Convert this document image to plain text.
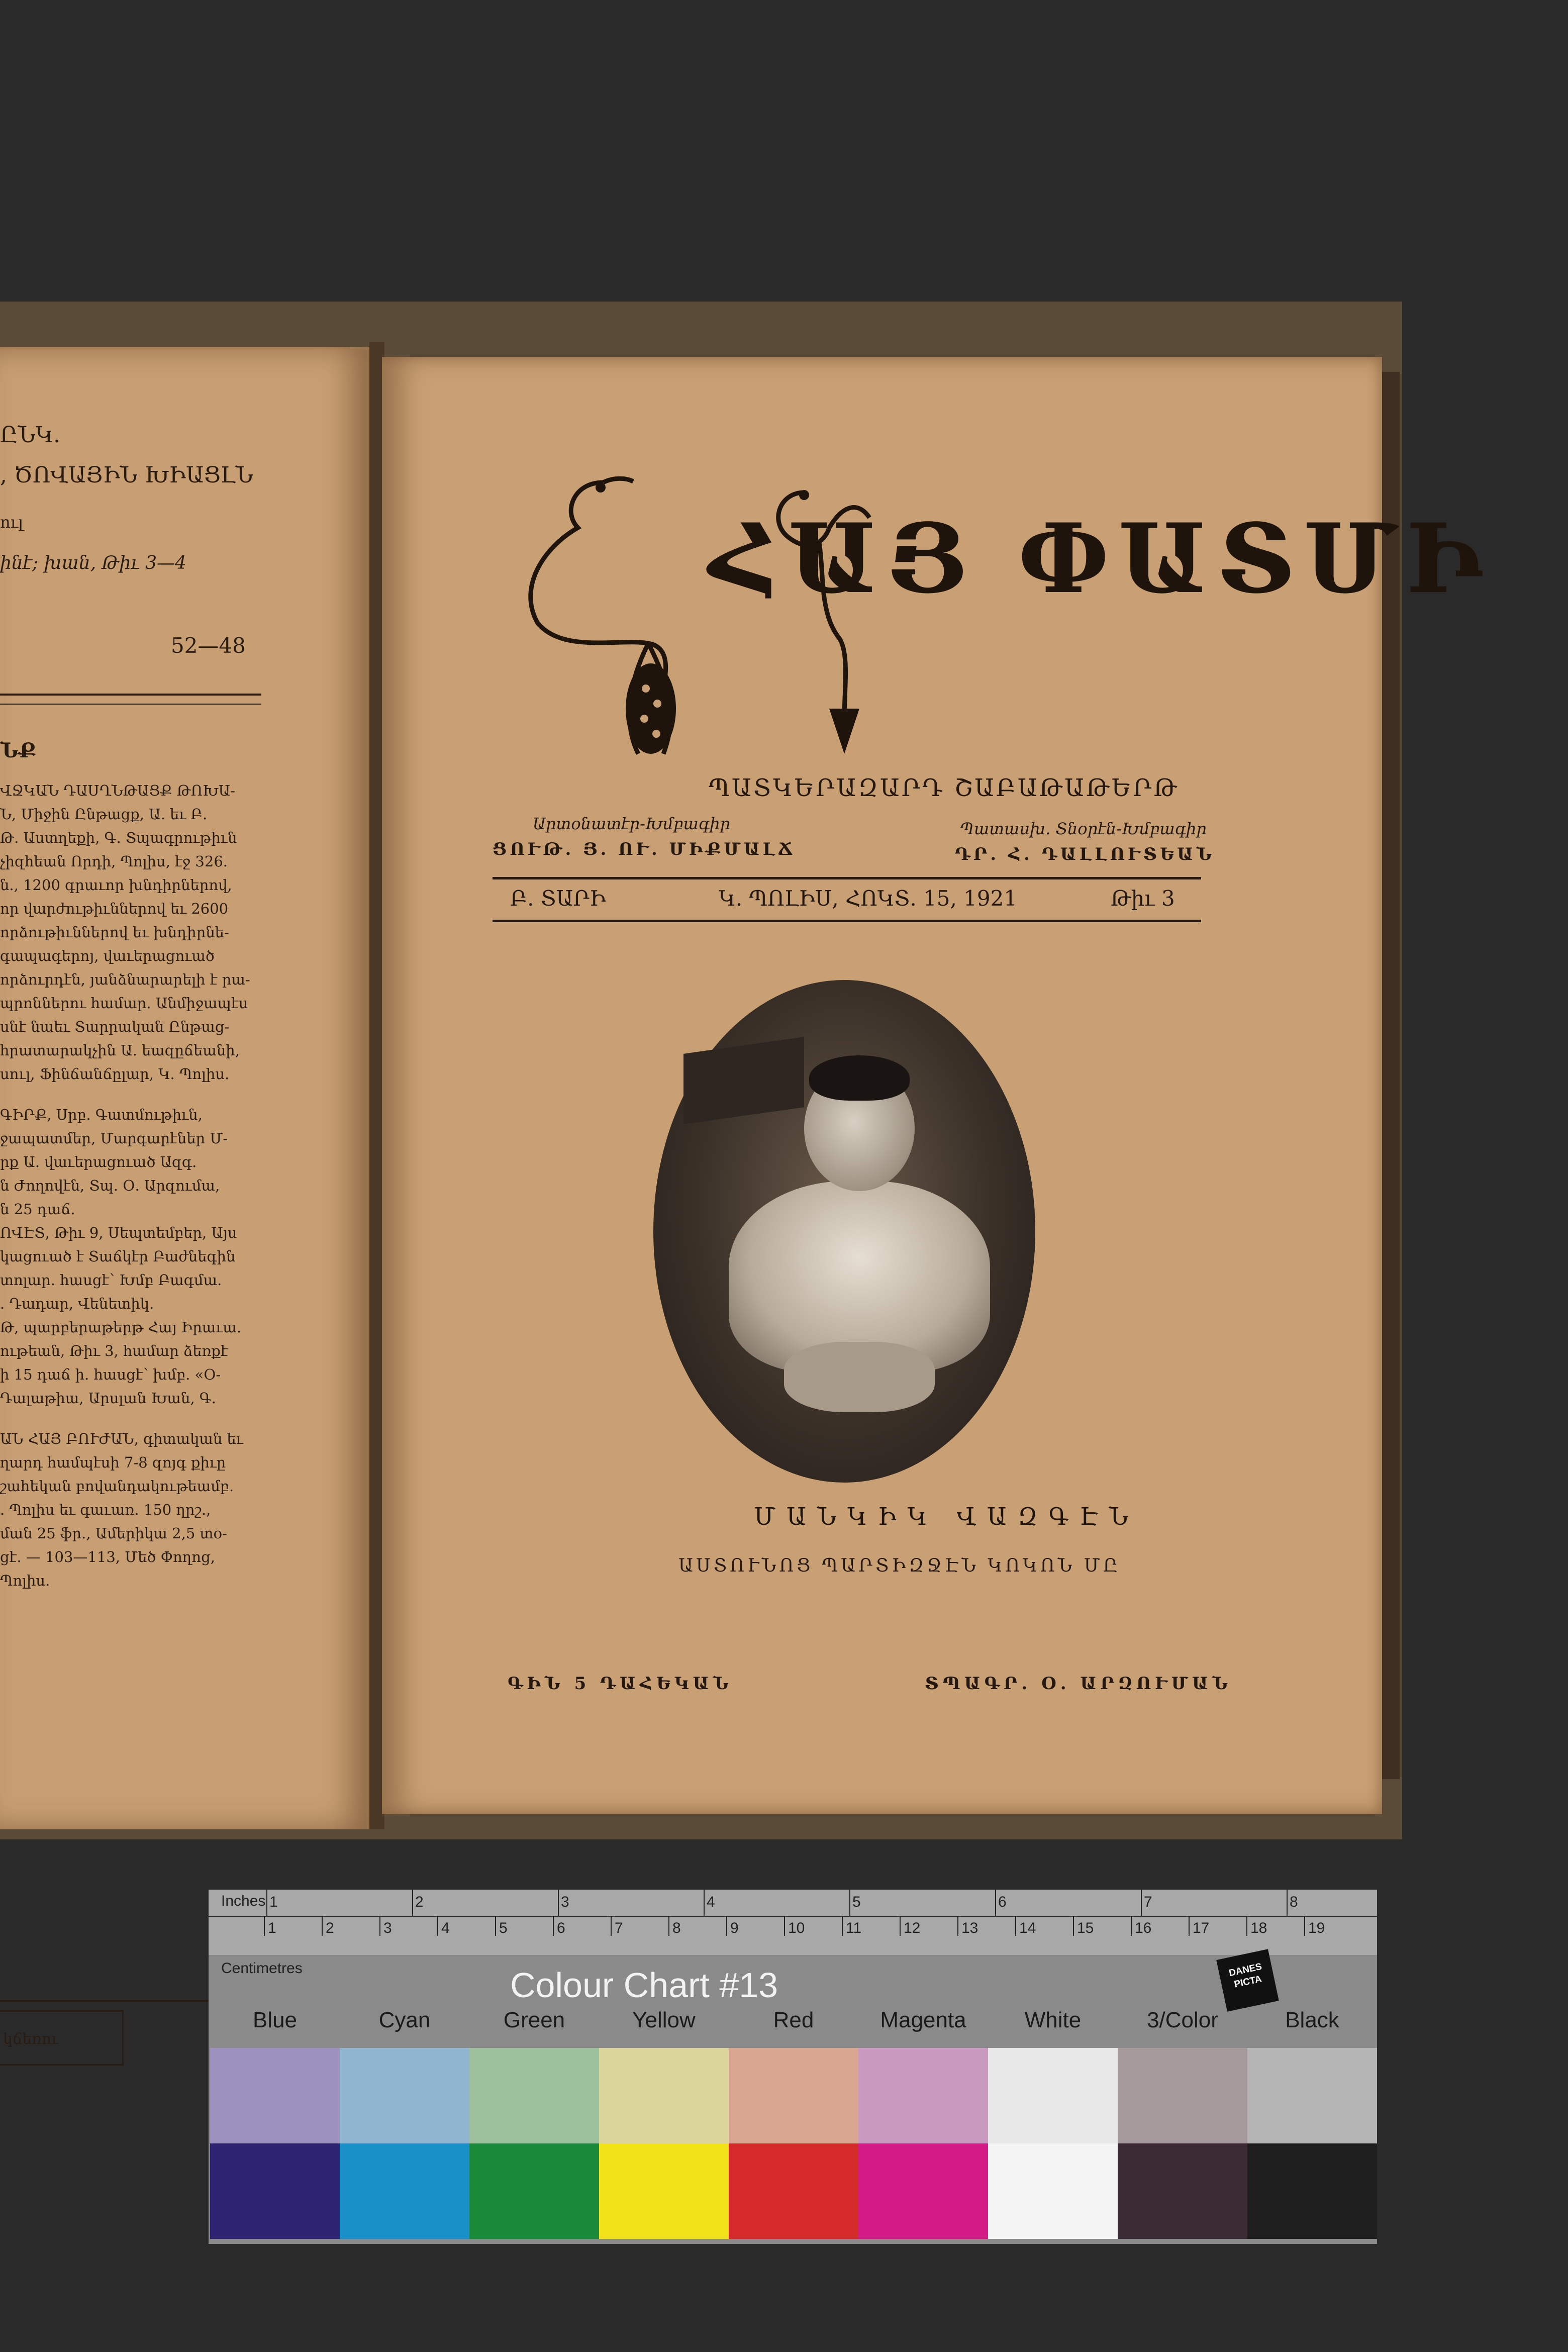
ԸՆԿ.
, ԾՈՎԱՅԻՆ ԽԻԱՑԼՆ
ուլ
ինէ; խան, Թիւ 3—4
52—48
ՆՔ

ՎՋԿԱՆ ԴԱՍՂՆԹԱՑՔ ԹՈԽԱ-
Ն, Միջին Ընթացք, Ա. եւ Բ.
Թ. Աստղեքի, Գ. Տպագրութիւն
չիզհեան Որդի, Պոլիս, էջ 326.
ն., 1200 գրաւոր խնդիրներով,
որ վարժութիւններով եւ 2600
որձութիւններով եւ խնդիրնե-
գապագերոյ, վաւերացուած
որձուրդէն, յանձնարարելի է րա-
պրոններու համար. Անմիջապէս
սնէ նաեւ Տարրական Ընթաց-
հրատարակչին Ա. եազըճեանի,
սուլ, Ֆինճանճըլար, Կ. Պոլիս.

ԳԻՐՔ, Սրբ. Գատմութիւն,
ջապատմեր, Մարգարէներ Մ-
րք Ա. վաւերացուած Ազգ.
ն Ժողովէն, Տպ. Օ. Արզումա,
ն 25 դաճ.
ՈՎԷՏ, Թիւ 9, Սեպտեմբեր, Այս
կացուած է Տաճկէր Բաժնեգին
տոլար. հասցէ՝ Խմբ Բագմա.
. Դադար, Վենետիկ.
Թ, պարբերաթերթ Հայ Իրաւա.
ութեան, Թիւ 3, համար ձեռքէ
ի 15 դաճ ի. հասցէ՝ խմբ. «Օ-
Դալաթիա, Արսլան Խան, Գ.

ԱՆ ՀԱՅ ԲՈՒԺԱՆ, գիտական եւ
ղարդ համպէսի 7-8 զոյգ քիւը
շահեկան բովանդակութեամբ.
. Պոլիս եւ գաւառ. 150 ղրշ.,
ման 25 ֆր., Ամերիկա 2,5 տօ-
ցէ. — 103—113, Մեծ Փողոց,
Պոլիս.

կճեռու
ՀԱՅ ՓԱՏՄԻ
ՊԱՏԿԵՐԱԶԱՐԴ ՇԱԲԱԹԱԹԵՐԹ
Արտօնատէր-Խմբագիր
ՑՈՒԹ. Յ. ՈՒ. ՄԻՔՄԱԼՃ
Պատասխ. Տնօրէն-Խմբագիր
ԴՐ. Հ. ԴԱԼԼՈՒՏԵԱՆ
Բ. ՏԱՐԻ	Կ. ՊՈԼԻՍ, ՀՈԿՏ. 15, 1921	Թիւ 3
ՄԱՆԿԻԿ ՎԱԶԳԷՆ
ԱՍՏՈՒՆՈՑ ՊԱՐՏԻԶՋԷՆ ԿՈԿՈՆ ՄԸ
ԳԻՆ 5 ԴԱՀԵԿԱՆ	ՏՊԱԳՐ. Օ. ԱՐԶՈՒՄԱՆ
Inches 1	2	3	4	5	6	7	8
1	2	3	4	5	6	7	8	9	10	11	12	13	14	15	16	17	18	19
Centimetres	Colour Chart #13	DANES PICTA
Blue	Cyan	Green	Yellow	Red	Magenta	White	3/Color	Black
